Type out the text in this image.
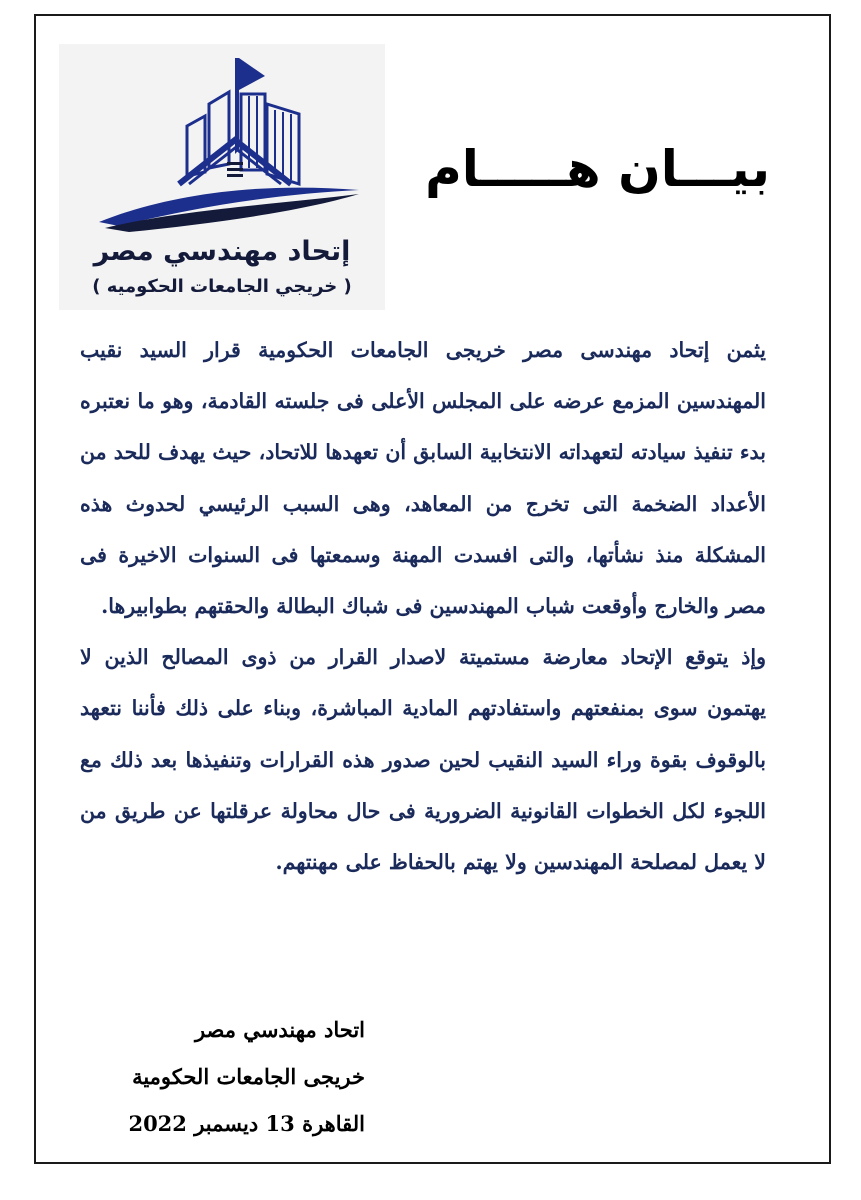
إتحاد مهندسي مصر
( خريجي الجامعات الحكوميه )
بيـــان هـــــام

يثمن إتحاد مهندسى مصر خريجى الجامعات الحكومية قرار السيد نقيب المهندسين المزمع عرضه على المجلس الأعلى فى جلسته القادمة، وهو ما نعتبره بدء تنفيذ سيادته لتعهداته الانتخابية السابق أن تعهدها للاتحاد، حيث يهدف للحد من الأعداد الضخمة التى تخرج من المعاهد، وهى السبب الرئيسي لحدوث هذه المشكلة منذ نشأتها، والتى افسدت المهنة وسمعتها فى السنوات الاخيرة فى مصر والخارج وأوقعت شباب المهندسين فى شباك البطالة والحقتهم بطوابيرها.

وإذ يتوقع الإتحاد معارضة مستميتة لاصدار القرار من ذوى المصالح الذين لا يهتمون سوى بمنفعتهم واستفادتهم المادية المباشرة، وبناء على ذلك فأننا نتعهد بالوقوف بقوة وراء السيد النقيب لحين صدور هذه القرارات وتنفيذها بعد ذلك مع اللجوء لكل الخطوات القانونية الضرورية فى حال محاولة عرقلتها عن طريق من لا يعمل لمصلحة المهندسين ولا يهتم بالحفاظ على مهنتهم.

اتحاد مهندسي مصر
خريجى الجامعات الحكومية
القاهرة 13 ديسمبر 2022
